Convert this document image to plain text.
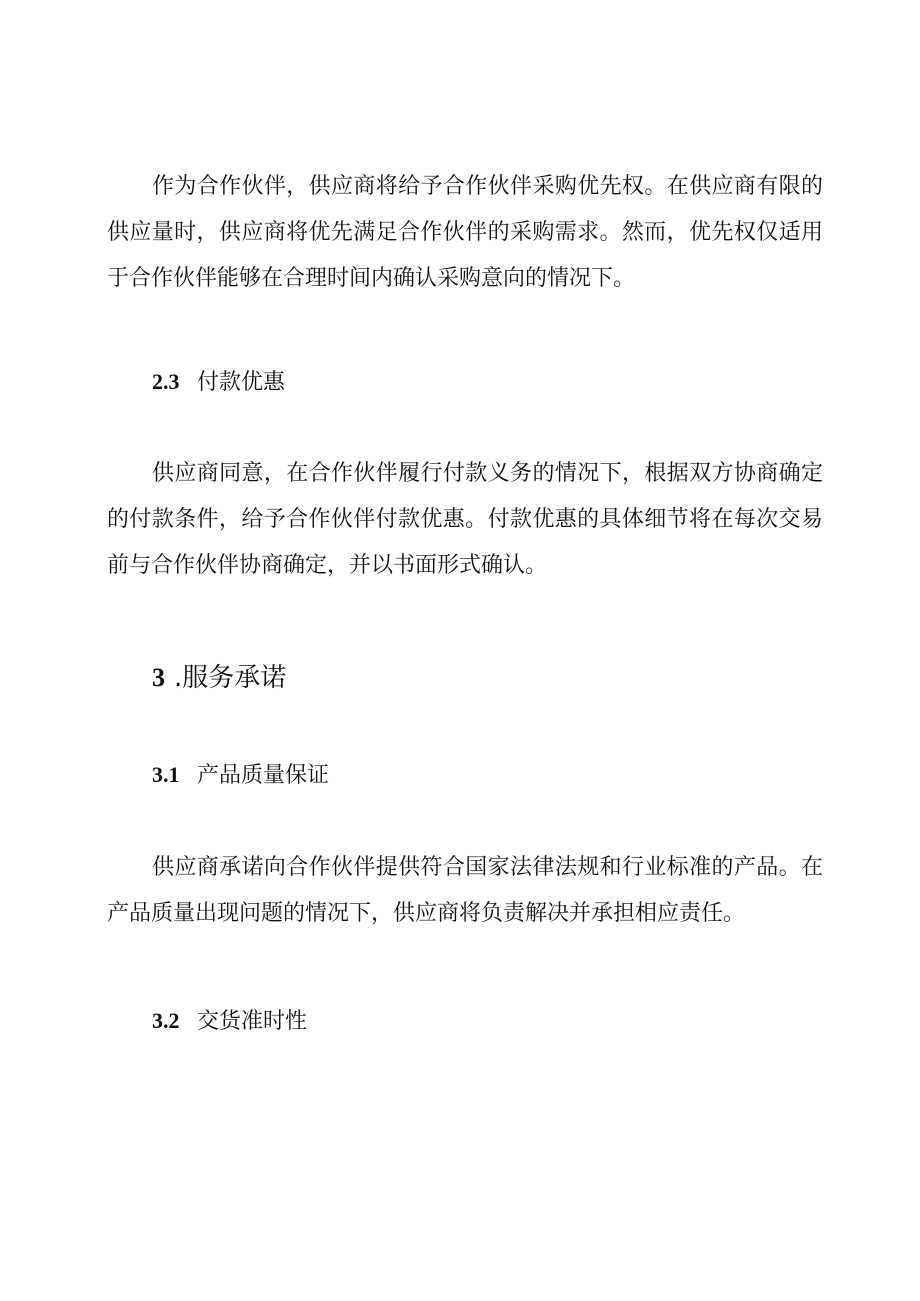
作为合作伙伴，供应商将给予合作伙伴采购优先权。在供应商有限的供应量时，供应商将优先满足合作伙伴的采购需求。然而，优先权仅适用于合作伙伴能够在合理时间内确认采购意向的情况下。

2.3 付款优惠

供应商同意，在合作伙伴履行付款义务的情况下，根据双方协商确定的付款条件，给予合作伙伴付款优惠。付款优惠的具体细节将在每次交易前与合作伙伴协商确定，并以书面形式确认。

3 .服务承诺
3.1 产品质量保证

供应商承诺向合作伙伴提供符合国家法律法规和行业标准的产品。在产品质量出现问题的情况下，供应商将负责解决并承担相应责任。

3.2 交货准时性
